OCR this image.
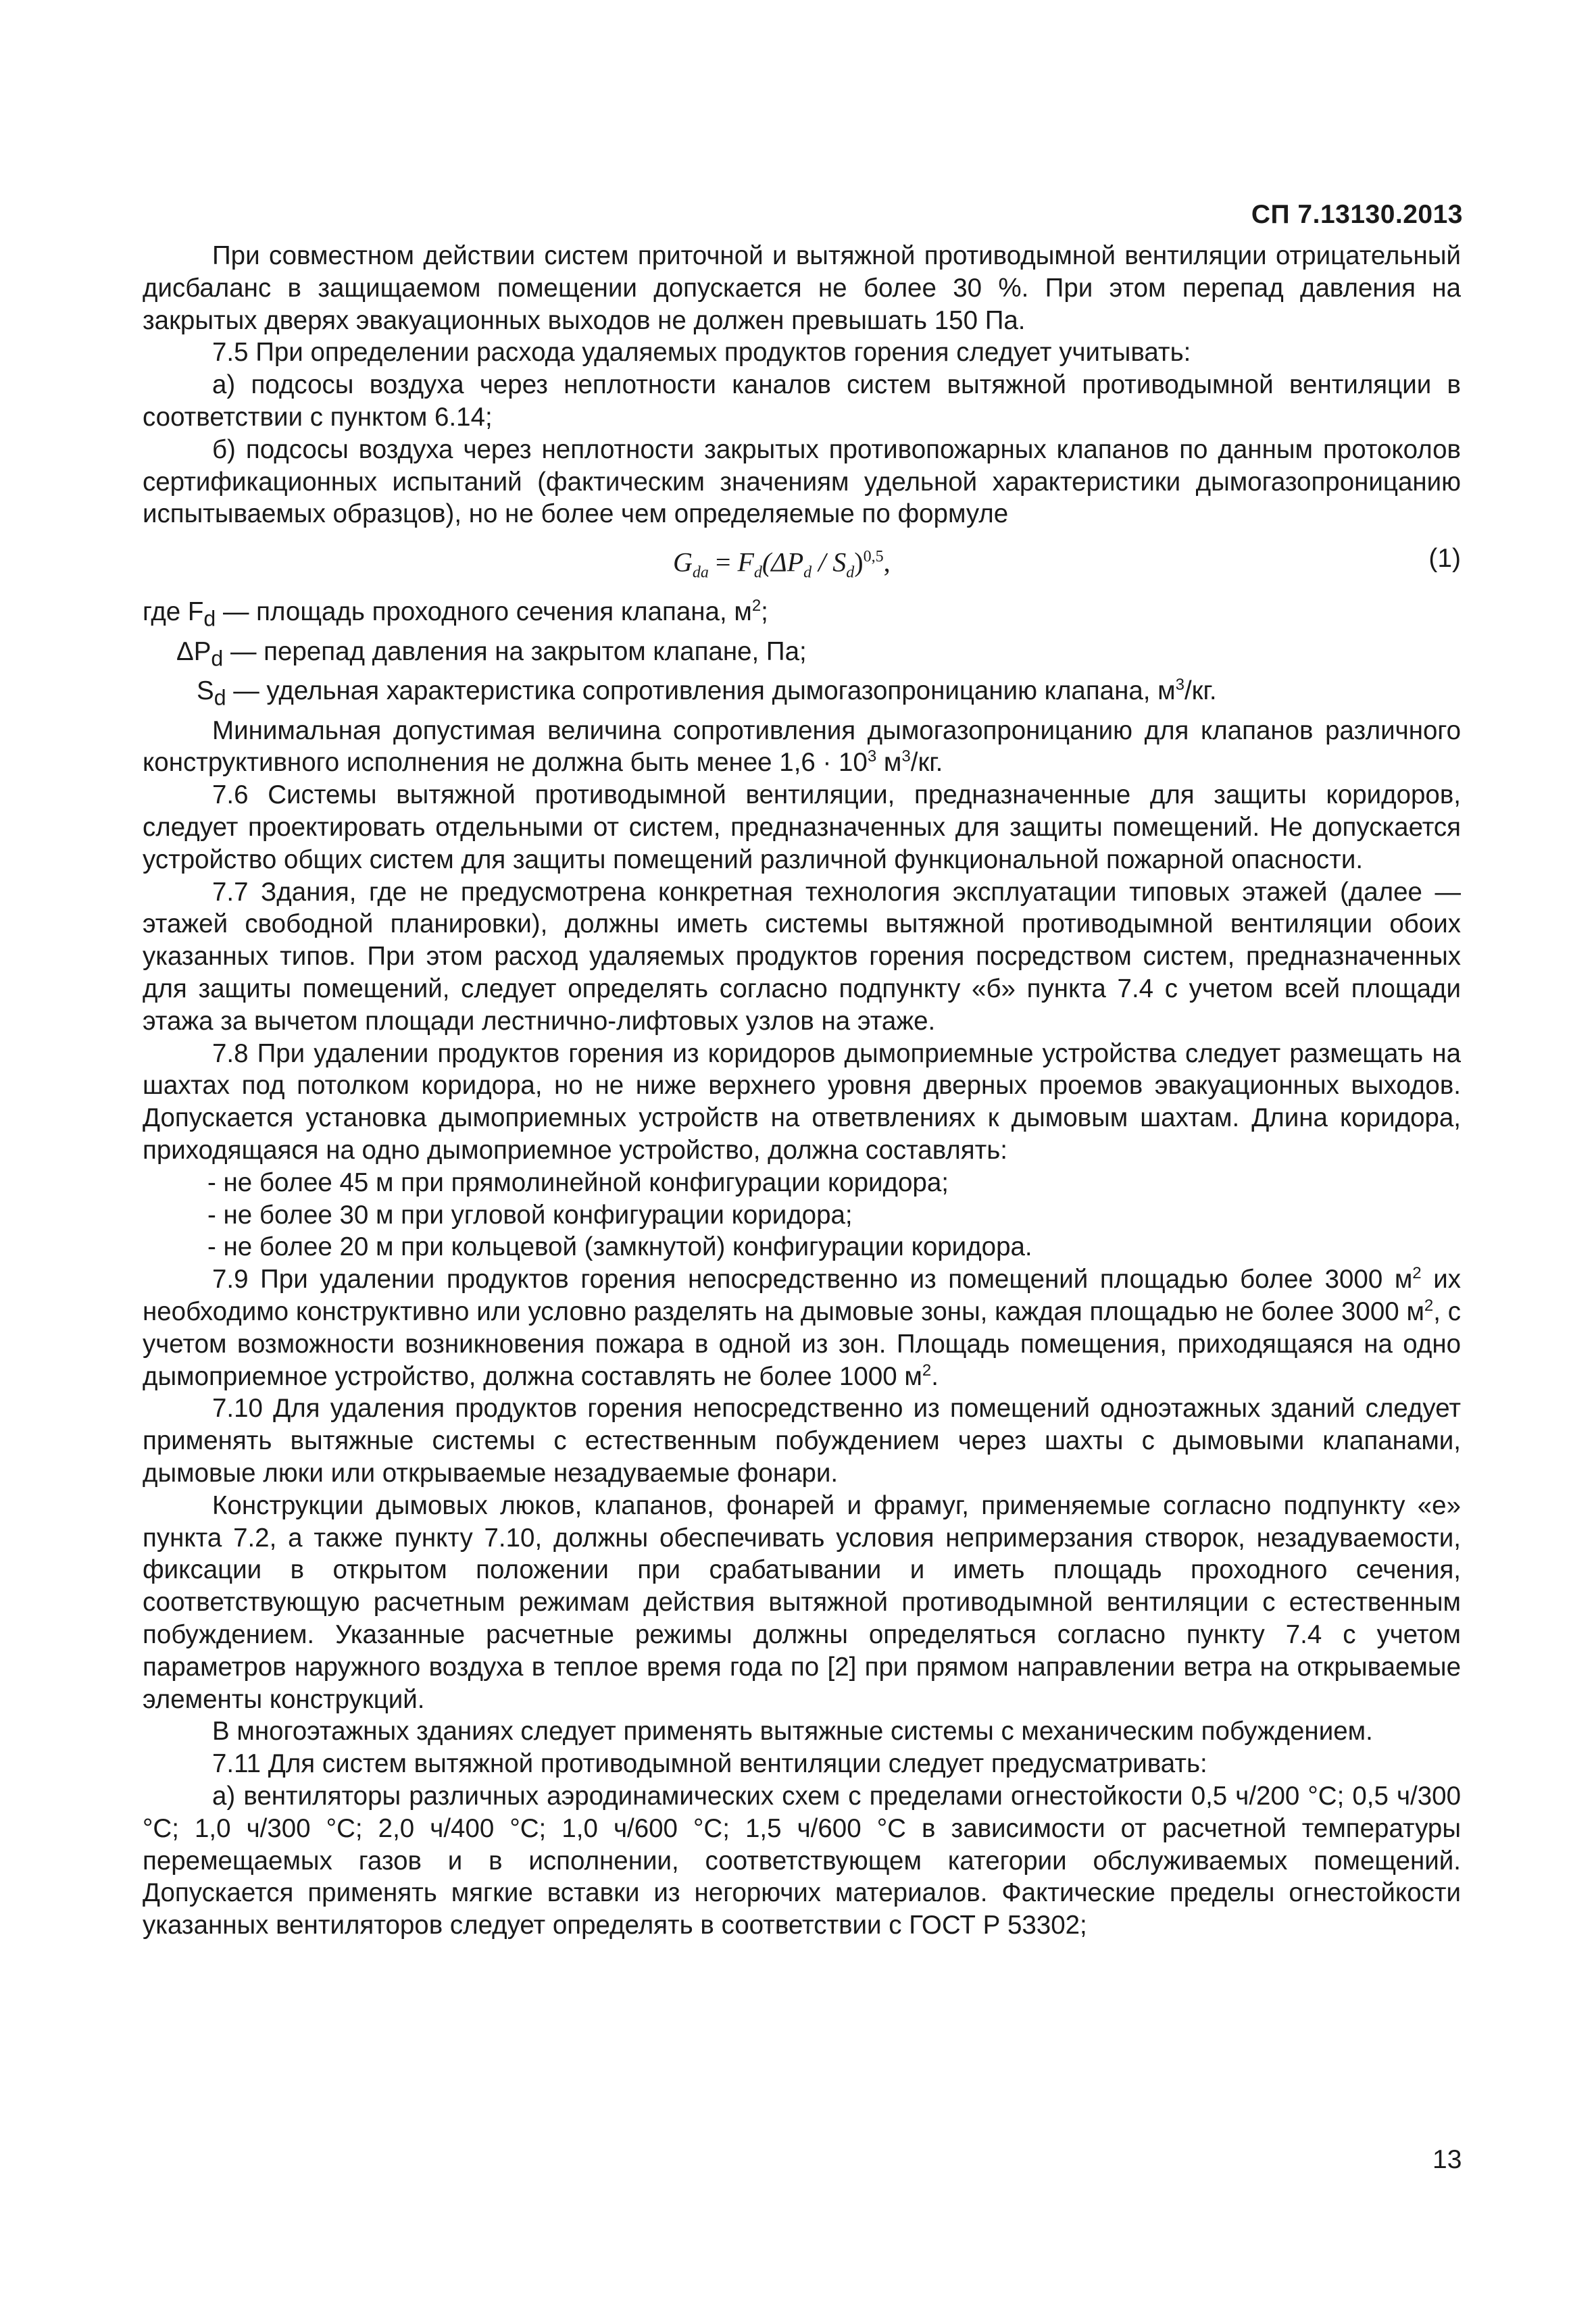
СП 7.13130.2013

При совместном действии систем приточной и вытяжной противодымной вентиляции отрицательный дисбаланс в защищаемом помещении допускается не более 30 %. При этом перепад давления на закрытых дверях эвакуационных выходов не должен превышать 150 Па.

7.5 При определении расхода удаляемых продуктов горения следует учитывать:

а) подсосы воздуха через неплотности каналов систем вытяжной противодымной вентиляции в соответствии с пунктом 6.14;

б) подсосы воздуха через неплотности закрытых противопожарных клапанов по данным протоколов сертификационных испытаний (фактическим значениям удельной характеристики дымогазопроницанию испытываемых образцов), но не более чем определяемые по формуле

$G_{da} = F_d(\Delta P_d / S_d)^{0,5}$,	(1)
где $F_d$ — площадь проходного сечения клапана, $м^2$;
$\Delta P_d$ — перепад давления на закрытом клапане, Па;
$S_d$ — удельная характеристика сопротивления дымогазопроницанию клапана, $м^3/кг$.

Минимальная допустимая величина сопротивления дымогазопроницанию для клапанов различного конструктивного исполнения не должна быть менее $1,6 \cdot 10^3$ $м^3/кг$.

7.6 Системы вытяжной противодымной вентиляции, предназначенные для защиты коридоров, следует проектировать отдельными от систем, предназначенных для защиты помещений. Не допускается устройство общих систем для защиты помещений различной функциональной пожарной опасности.

7.7 Здания, где не предусмотрена конкретная технология эксплуатации типовых этажей (далее — этажей свободной планировки), должны иметь системы вытяжной противодымной вентиляции обоих указанных типов. При этом расход удаляемых продуктов горения посредством систем, предназначенных для защиты помещений, следует определять согласно подпункту «б» пункта 7.4 с учетом всей площади этажа за вычетом площади лестнично-лифтовых узлов на этаже.

7.8 При удалении продуктов горения из коридоров дымоприемные устройства следует размещать на шахтах под потолком коридора, но не ниже верхнего уровня дверных проемов эвакуационных выходов. Допускается установка дымоприемных устройств на ответвлениях к дымовым шахтам. Длина коридора, приходящаяся на одно дымоприемное устройство, должна составлять:

- не более 45 м при прямолинейной конфигурации коридора;
- не более 30 м при угловой конфигурации коридора;
- не более 20 м при кольцевой (замкнутой) конфигурации коридора.

7.9 При удалении продуктов горения непосредственно из помещений площадью более 3000 $м^2$ их необходимо конструктивно или условно разделять на дымовые зоны, каждая площадью не более 3000 $м^2$, с учетом возможности возникновения пожара в одной из зон. Площадь помещения, приходящаяся на одно дымоприемное устройство, должна составлять не более 1000 $м^2$.

7.10 Для удаления продуктов горения непосредственно из помещений одноэтажных зданий следует применять вытяжные системы с естественным побуждением через шахты с дымовыми клапанами, дымовые люки или открываемые незадуваемые фонари.

Конструкции дымовых люков, клапанов, фонарей и фрамуг, применяемые согласно подпункту «е» пункта 7.2, а также пункту 7.10, должны обеспечивать условия непримерзания створок, незадуваемости, фиксации в открытом положении при срабатывании и иметь площадь проходного сечения, соответствующую расчетным режимам действия вытяжной противодымной вентиляции с естественным побуждением. Указанные расчетные режимы должны определяться согласно пункту 7.4 с учетом параметров наружного воздуха в теплое время года по [2] при прямом направлении ветра на открываемые элементы конструкций.

В многоэтажных зданиях следует применять вытяжные системы с механическим побуждением.

7.11 Для систем вытяжной противодымной вентиляции следует предусматривать:

а) вентиляторы различных аэродинамических схем с пределами огнестойкости 0,5 ч/200 °С; 0,5 ч/300 °С; 1,0 ч/300 °С; 2,0 ч/400 °С; 1,0 ч/600 °С; 1,5 ч/600 °С в зависимости от расчетной температуры перемещаемых газов и в исполнении, соответствующем категории обслуживаемых помещений. Допускается применять мягкие вставки из негорючих материалов. Фактические пределы огнестойкости указанных вентиляторов следует определять в соответствии с ГОСТ Р 53302;

13
